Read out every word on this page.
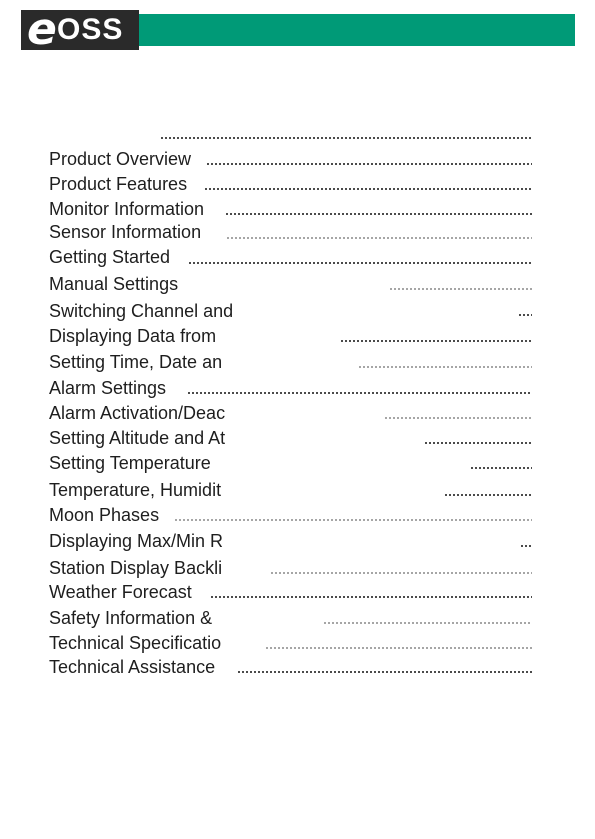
e OSS
Product Overview
Product Features
Monitor Information
Sensor Information
Getting Started
Manual Settings
Switching Channel and
Displaying Data from
Setting Time, Date an
Alarm Settings
Alarm Activation/Deac
Setting Altitude and At
Setting Temperature
Temperature, Humidit
Moon Phases
Displaying Max/Min R
Station Display Backli
Weather Forecast
Safety Information &
Technical Specificatio
Technical Assistance
